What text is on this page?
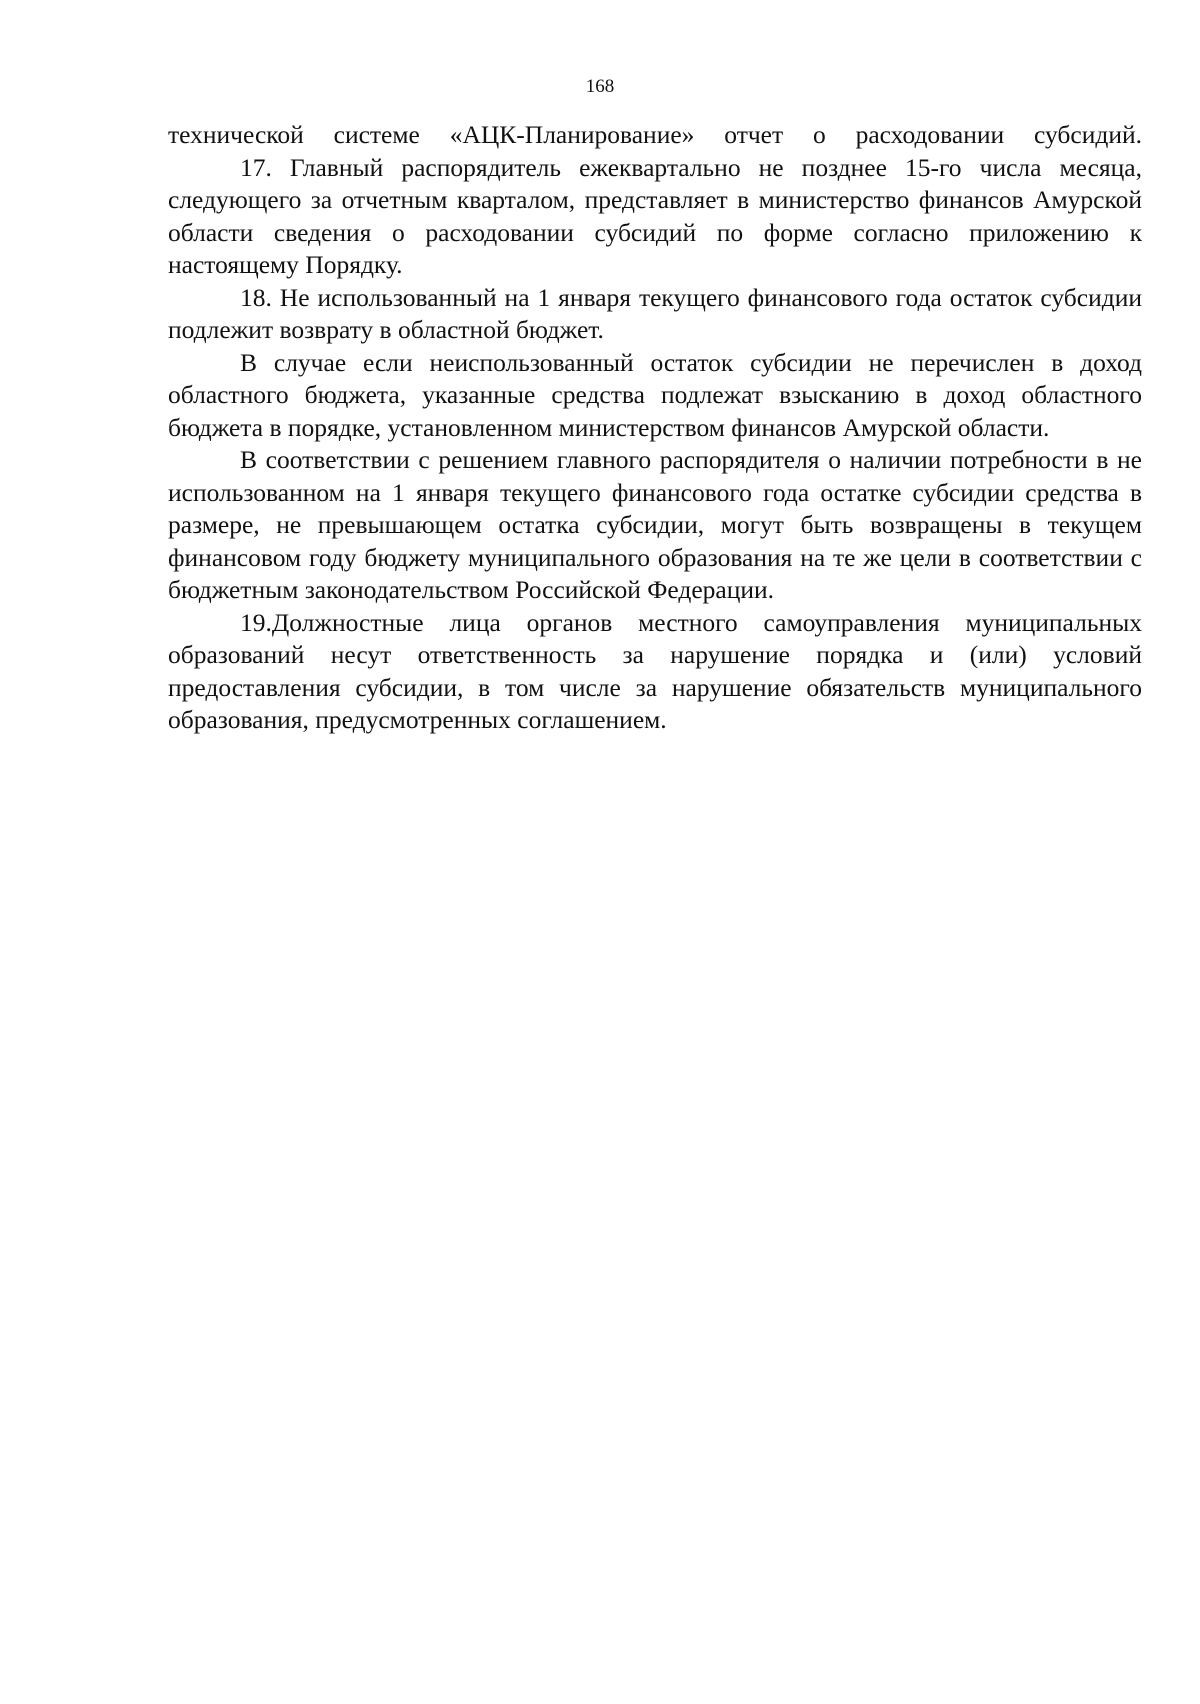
168

технической системе «АЦК-Планирование» отчет о расходовании субсидий.

17. Главный распорядитель ежеквартально не позднее 15-го числа месяца, следующего за отчетным кварталом, представляет в министерство финансов Амурской области сведения о расходовании субсидий по форме согласно приложению к настоящему Порядку.

18. Не использованный на 1 января текущего финансового года остаток субсидии подлежит возврату в областной бюджет.

В случае если неиспользованный остаток субсидии не перечислен в доход областного бюджета, указанные средства подлежат взысканию в доход областного бюджета в порядке, установленном министерством финансов Амурской области.

В соответствии с решением главного распорядителя о наличии потребности в не использованном на 1 января текущего финансового года остатке субсидии средства в размере, не превышающем остатка субсидии, могут быть возвращены в текущем финансовом году бюджету муниципального образования на те же цели в соответствии с бюджетным законодательством Российской Федерации.

19.Должностные лица органов местного самоуправления муниципальных образований несут ответственность за нарушение порядка и (или) условий предоставления субсидии, в том числе за нарушение обязательств муниципального образования, предусмотренных соглашением.
